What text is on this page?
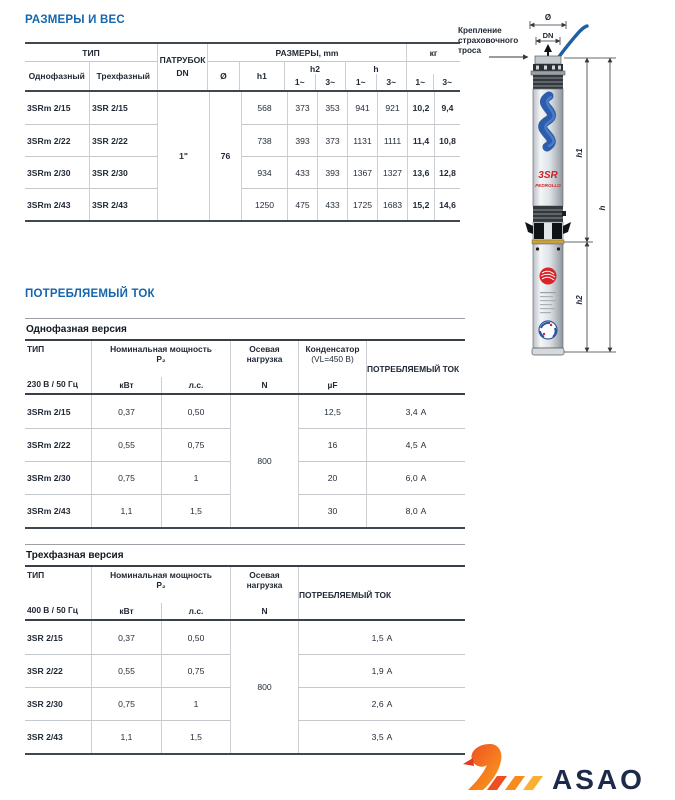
РАЗМЕРЫ И ВЕС
ТИП
Однофазный	Трехфазный
ПАТРУБОК
DN
РАЗМЕРЫ, mm
Ø	h1
h2
1~	3~
h
1~	3~
кг
1~	3~
1"	76
3SRm 2/15	3SR 2/15	568	373	353	941	921	10,2	9,4
3SRm 2/22	3SR 2/22	738	393	373	1131	1111	11,4	10,8
3SRm 2/30	3SR 2/30	934	433	393	1367	1327	13,6	12,8
3SRm 2/43	3SR 2/43	1250	475	433	1725	1683	15,2	14,6
Крепление
страховочного
троса
Ø
DN
3SR
PEDROLLO
h1
h2
h
ПОТРЕБЛЯЕМЫЙ ТОК
Однофазная версия
ТИП
230 В / 50 Гц
Номинальная мощность
Р₂
кВт	л.с.
Осевая
нагрузка
N
Конденсатор
(VL=450 В)
µF
ПОТРЕБЛЯЕМЫЙ ТОК
800
3SRm 2/15	0,37	0,50	12,5	3,4 A
3SRm 2/22	0,55	0,75	16	4,5 A
3SRm 2/30	0,75	1	20	6,0 A
3SRm 2/43	1,1	1,5	30	8,0 A
Трехфазная версия
ТИП
400 В / 50 Гц
Номинальная мощность
Р₂
кВт	л.с.
Осевая
нагрузка
N
ПОТРЕБЛЯЕМЫЙ ТОК
800
3SR 2/15	0,37	0,50	1,5 A
3SR 2/22	0,55	0,75	1,9 A
3SR 2/30	0,75	1	2,6 A
3SR 2/43	1,1	1,5	3,5 A
ASAO
